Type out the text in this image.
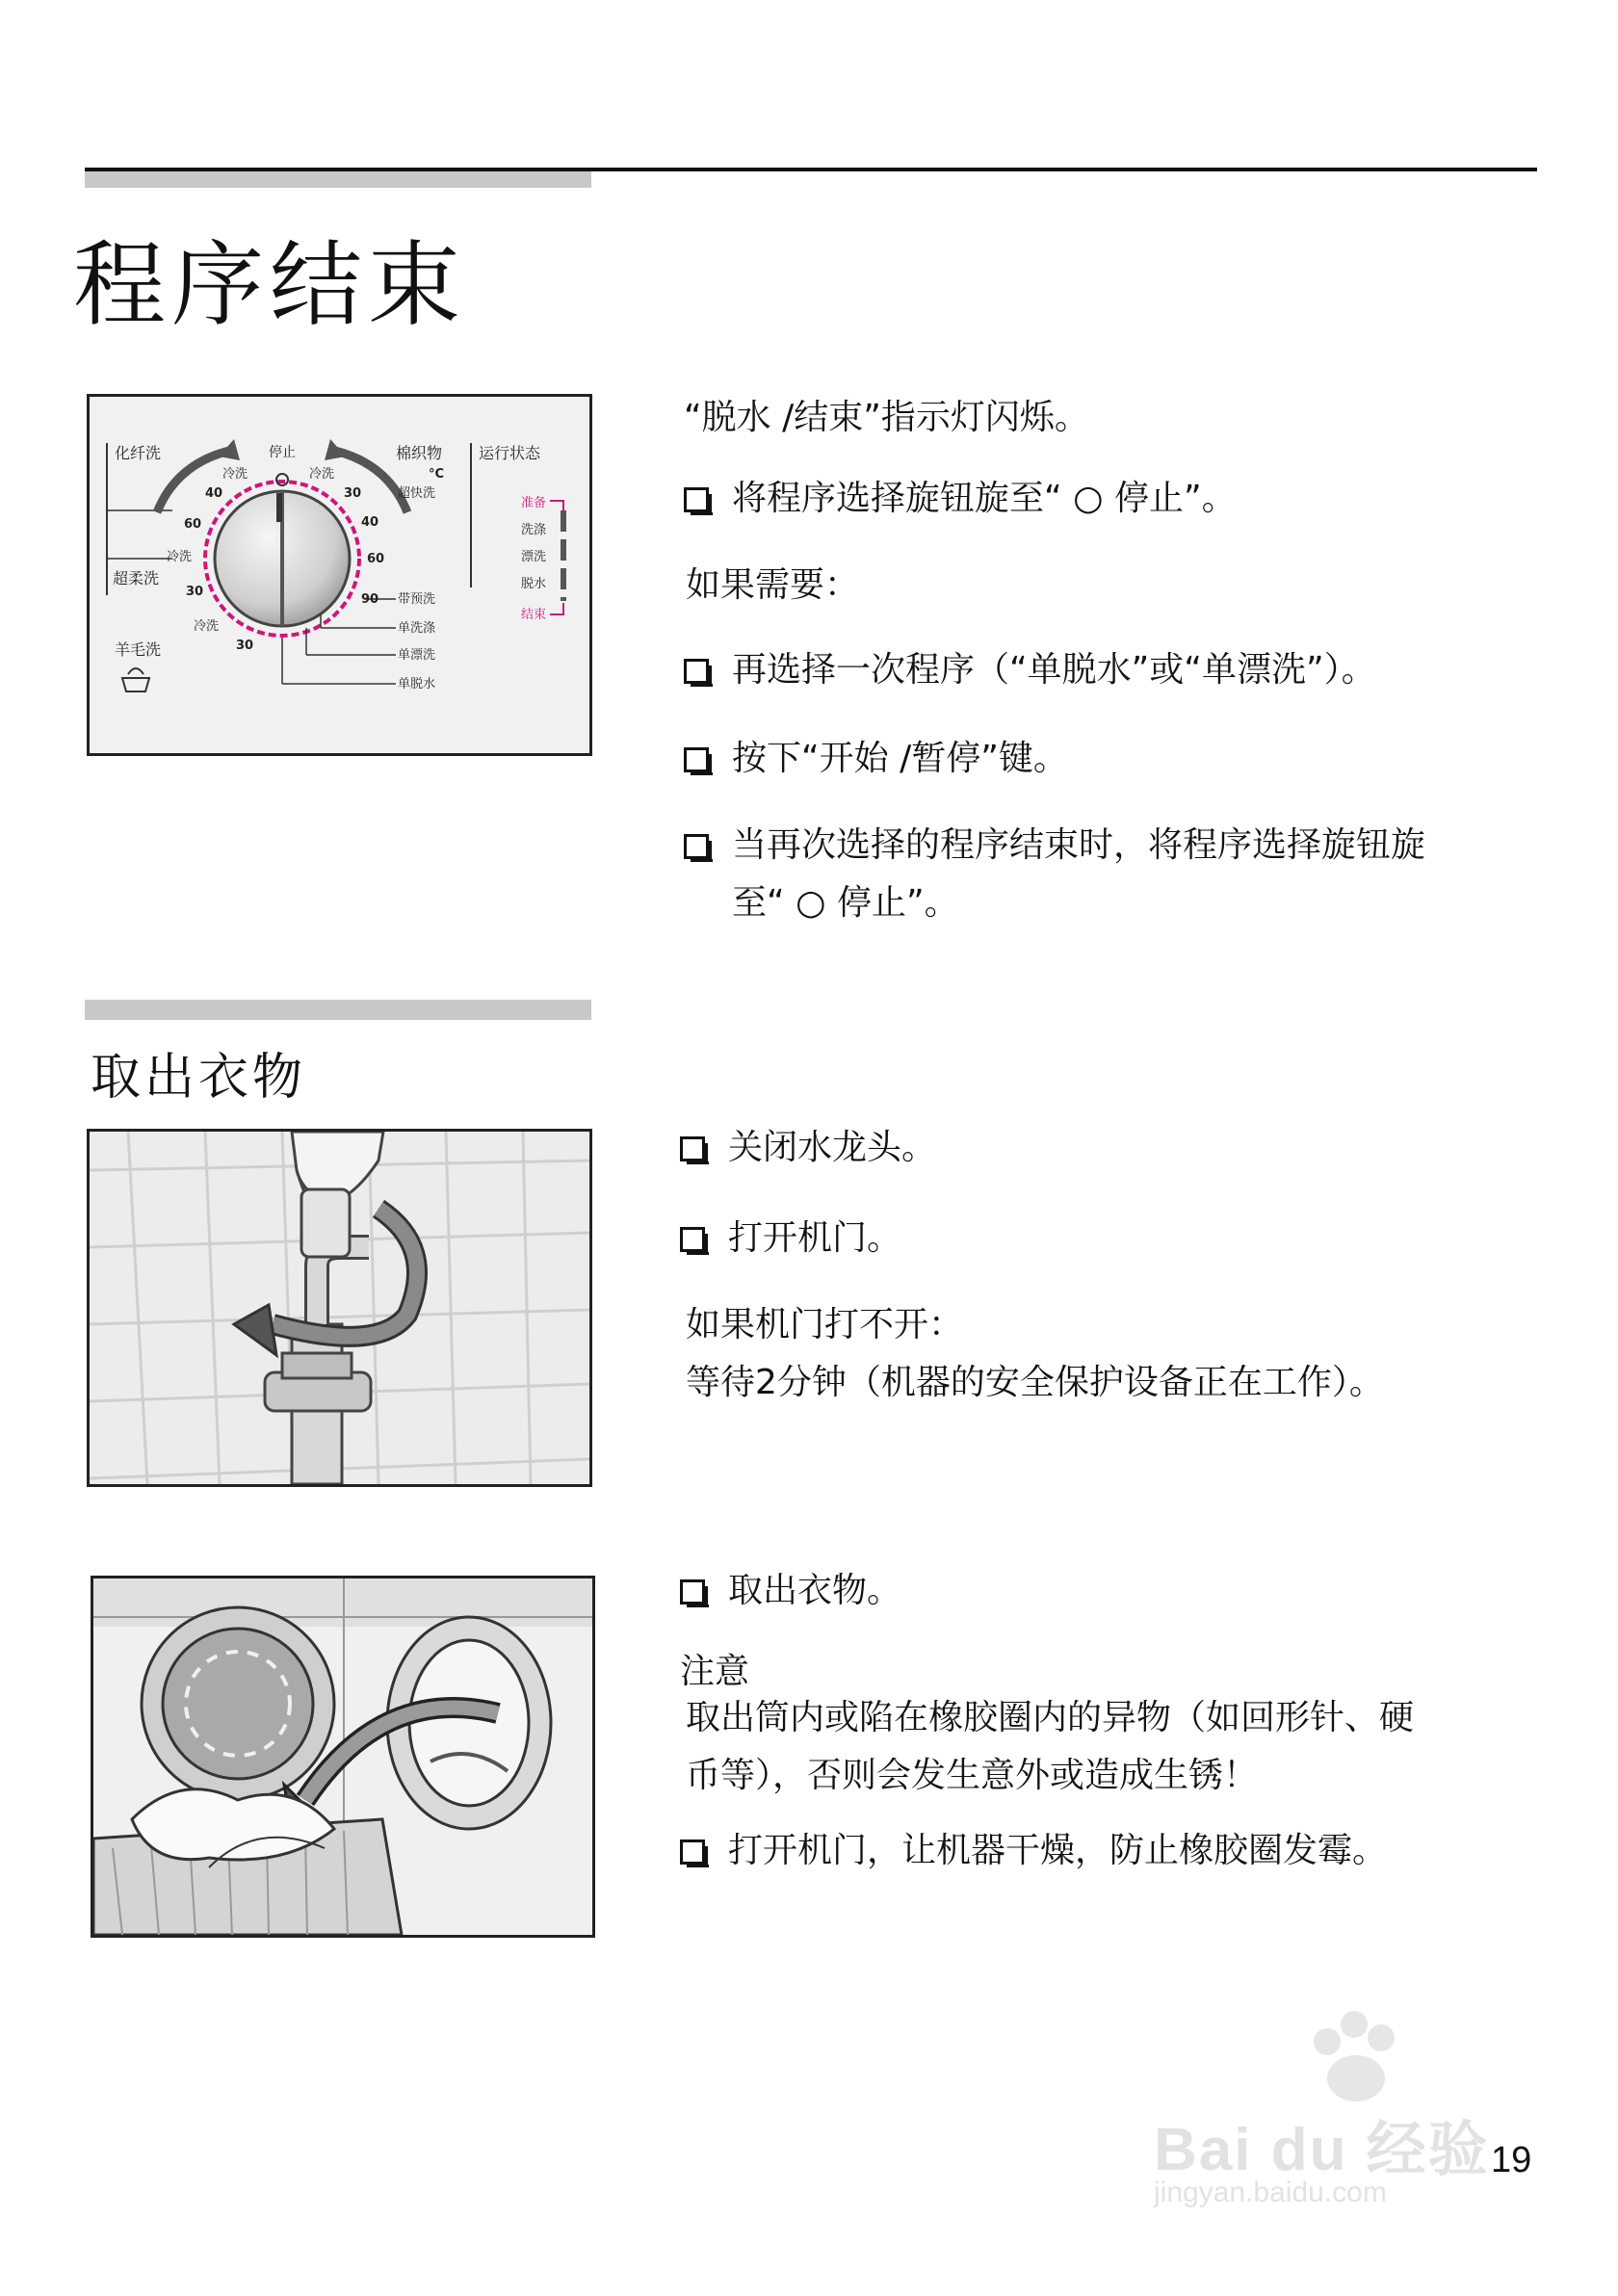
程序结束
化纤洗
超柔洗
羊毛洗
停止	棉织物
°C
运行状态
冷洗	冷洗
冷洗
冷洗
40
60
30
30
30
40
60
90
超快洗
带预洗
单洗涤
单漂洗
单脱水
准备
洗涤
漂洗
脱水
结束
“脱水 /结束”指示灯闪烁。
将程序选择旋钮旋至“ ○ 停止”。
如果需要：
再选择一次程序（“单脱水”或“单漂洗”）。
按下“开始 /暂停”键。
当再次选择的程序结束时，将程序选择旋钮旋
至“ ○ 停止”。
取出衣物
关闭水龙头。
打开机门。
如果机门打不开：
等待2分钟（机器的安全保护设备正在工作）。
取出衣物。
注意
取出筒内或陷在橡胶圈内的异物（如回形针、硬
币等），否则会发生意外或造成生锈！
打开机门，让机器干燥，防止橡胶圈发霉。
Bai du 经验
jingyan.baidu.com
19
